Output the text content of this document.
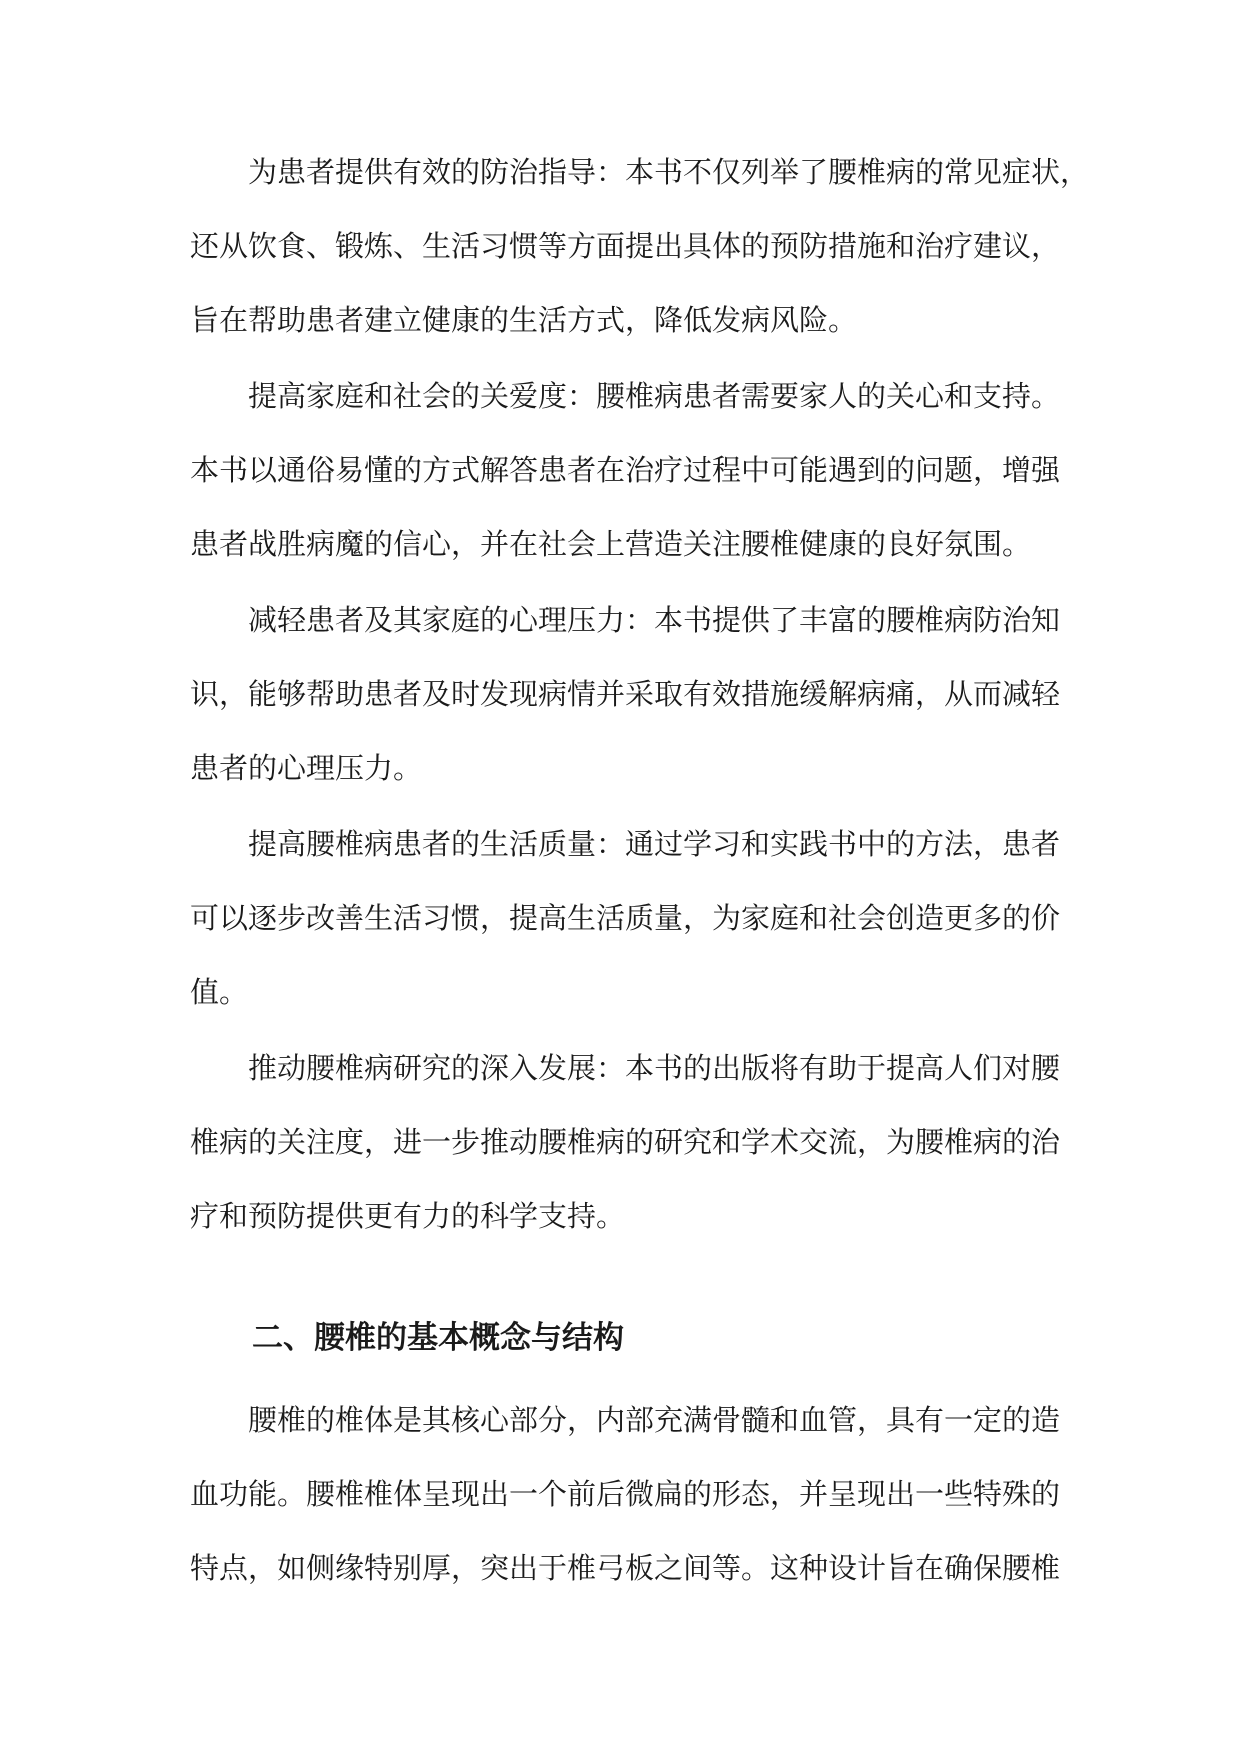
为患者提供有效的防治指导：本书不仅列举了腰椎病的常见症状，

还从饮食、锻炼、生活习惯等方面提出具体的预防措施和治疗建议，

旨在帮助患者建立健康的生活方式，降低发病风险。

提高家庭和社会的关爱度：腰椎病患者需要家人的关心和支持。

本书以通俗易懂的方式解答患者在治疗过程中可能遇到的问题，增强

患者战胜病魔的信心，并在社会上营造关注腰椎健康的良好氛围。

减轻患者及其家庭的心理压力：本书提供了丰富的腰椎病防治知

识，能够帮助患者及时发现病情并采取有效措施缓解病痛，从而减轻

患者的心理压力。

提高腰椎病患者的生活质量：通过学习和实践书中的方法，患者

可以逐步改善生活习惯，提高生活质量，为家庭和社会创造更多的价

值。

推动腰椎病研究的深入发展：本书的出版将有助于提高人们对腰

椎病的关注度，进一步推动腰椎病的研究和学术交流，为腰椎病的治

疗和预防提供更有力的科学支持。

二、腰椎的基本概念与结构

腰椎的椎体是其核心部分，内部充满骨髓和血管，具有一定的造

血功能。腰椎椎体呈现出一个前后微扁的形态，并呈现出一些特殊的

特点，如侧缘特别厚，突出于椎弓板之间等。这种设计旨在确保腰椎
